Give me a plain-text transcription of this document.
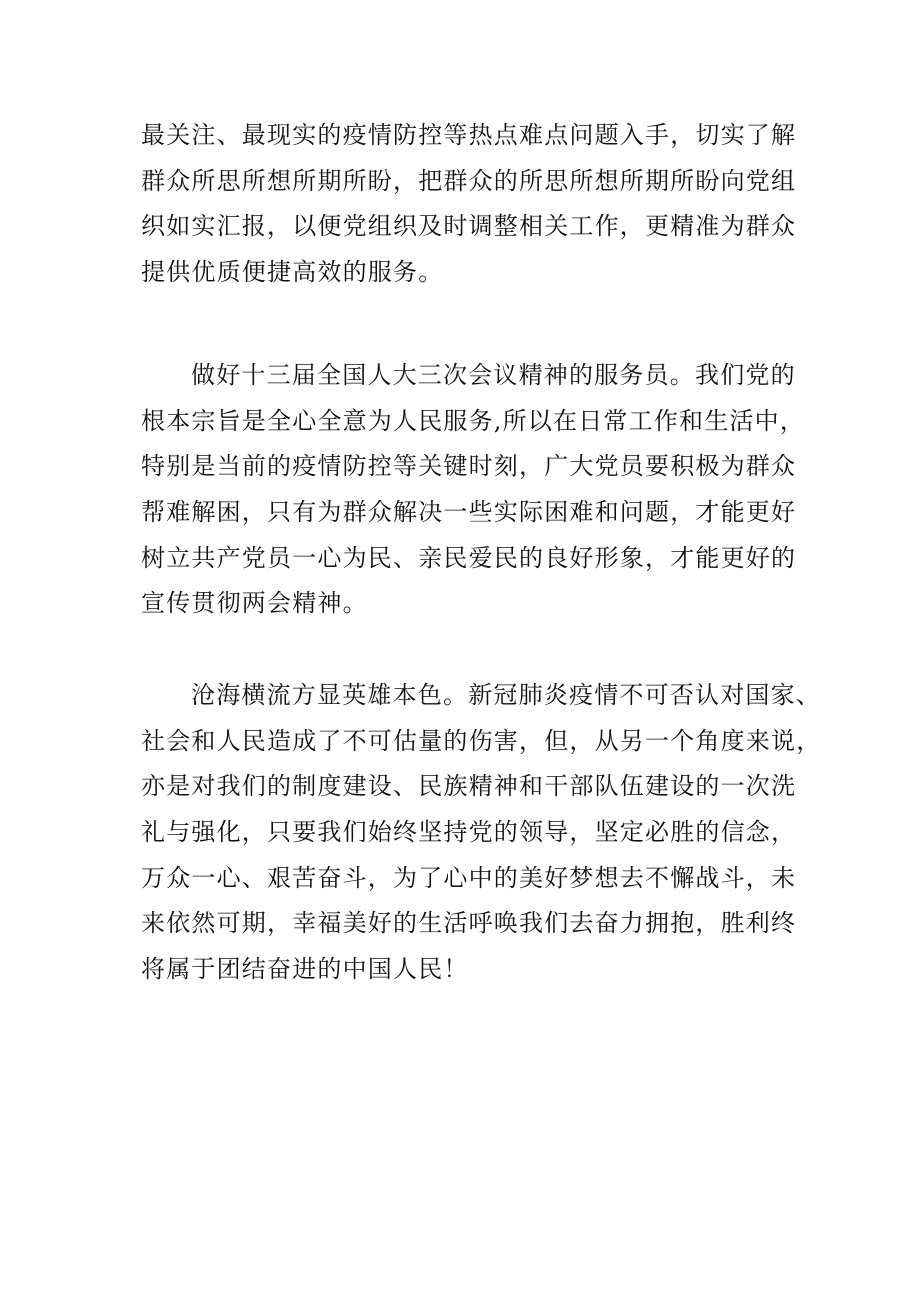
最关注、最现实的疫情防控等热点难点问题入手，切实了解
群众所思所想所期所盼，把群众的所思所想所期所盼向党组
织如实汇报，以便党组织及时调整相关工作，更精准为群众
提供优质便捷高效的服务。
做好十三届全国人大三次会议精神的服务员。我们党的
根本宗旨是全心全意为人民服务,所以在日常工作和生活中，
特别是当前的疫情防控等关键时刻，广大党员要积极为群众
帮难解困，只有为群众解决一些实际困难和问题，才能更好
树立共产党员一心为民、亲民爱民的良好形象，才能更好的
宣传贯彻两会精神。
沧海横流方显英雄本色。新冠肺炎疫情不可否认对国家、
社会和人民造成了不可估量的伤害，但，从另一个角度来说，
亦是对我们的制度建设、民族精神和干部队伍建设的一次洗
礼与强化，只要我们始终坚持党的领导，坚定必胜的信念，
万众一心、艰苦奋斗，为了心中的美好梦想去不懈战斗，未
来依然可期，幸福美好的生活呼唤我们去奋力拥抱，胜利终
将属于团结奋进的中国人民！
